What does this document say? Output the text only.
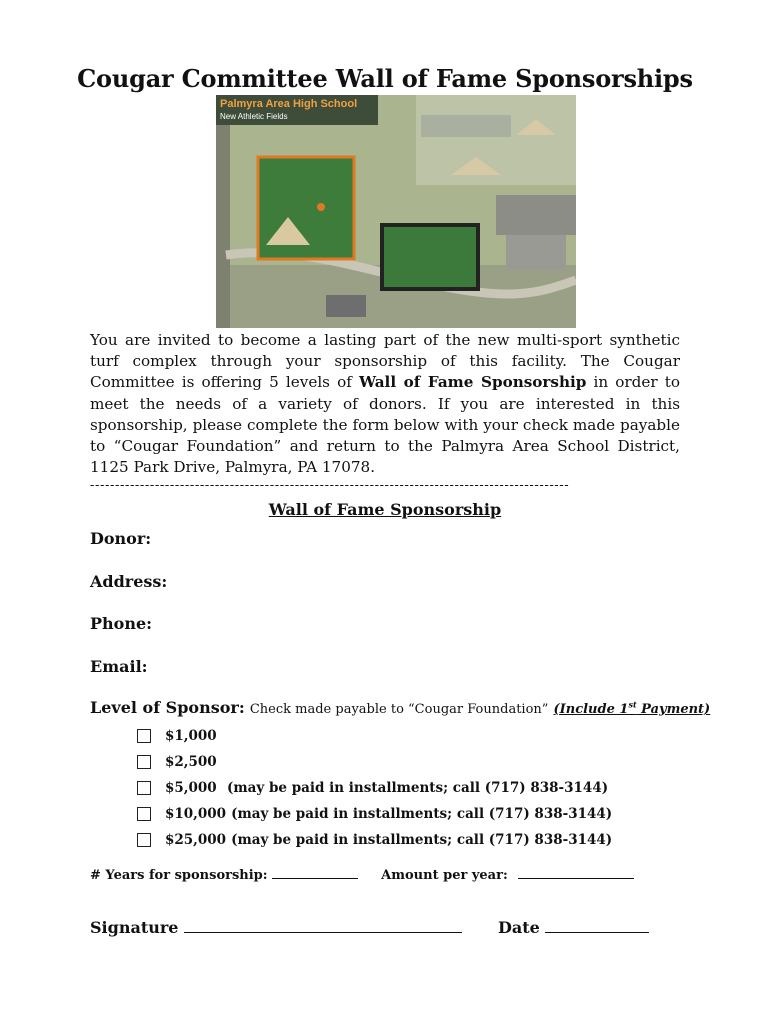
Cougar Committee Wall of Fame Sponsorships
Palmyra Area High School
New Athletic Fields
You are invited to become a lasting part of the new multi-sport synthetic turf complex through your sponsorship of this facility. The Cougar Committee is offering 5 levels of Wall of Fame Sponsorship in order to meet the needs of a variety of donors. If you are interested in this sponsorship, please complete the form below with your check made payable to “Cougar Foundation” and return to the Palmyra Area School District, 1125 Park Drive, Palmyra, PA 17078.
------------------------------------------------------------------------------------------------
Wall of Fame Sponsorship
Donor:
Address:
Phone:
Email:
Level of Sponsor: Check made payable to “Cougar Foundation” (Include 1st Payment)
$1,000
$2,500
$5,000 (may be paid in installments; call (717) 838-3144)
$10,000 (may be paid in installments; call (717) 838-3144)
$25,000 (may be paid in installments; call (717) 838-3144)
# Years for sponsorship:	Amount per year:
Signature	Date
